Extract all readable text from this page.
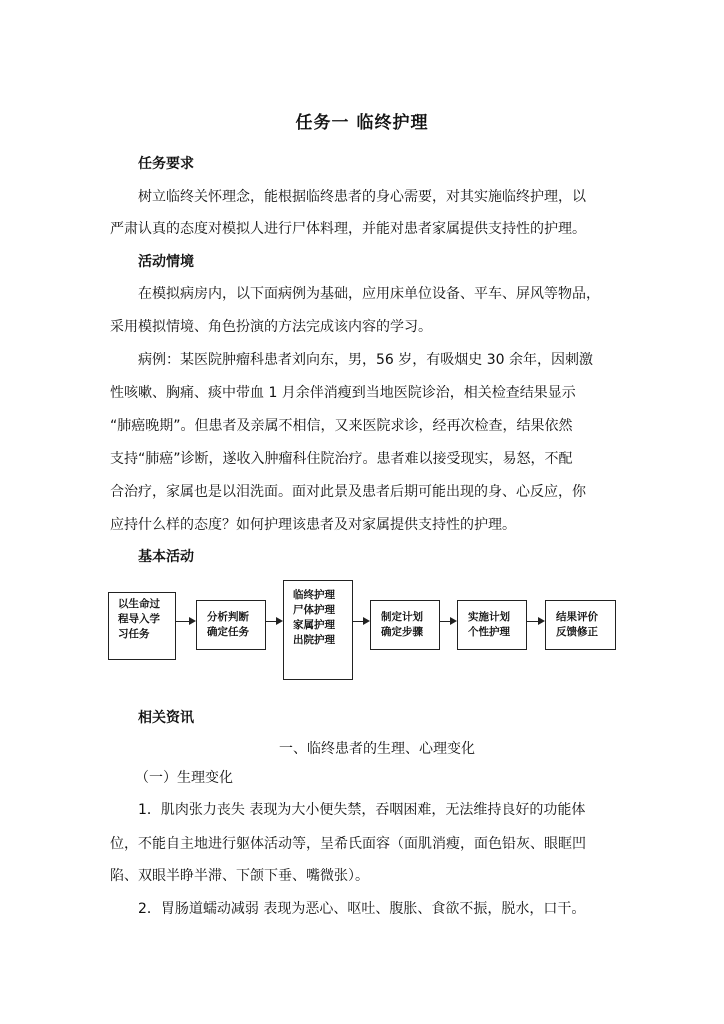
任务一 临终护理
任务要求
树立临终关怀理念，能根据临终患者的身心需要，对其实施临终护理，以
严肃认真的态度对模拟人进行尸体料理，并能对患者家属提供支持性的护理。
活动情境
在模拟病房内，以下面病例为基础，应用床单位设备、平车、屏风等物品，
采用模拟情境、角色扮演的方法完成该内容的学习。
病例：某医院肿瘤科患者刘向东，男，56 岁，有吸烟史 30 余年，因刺激
性咳嗽、胸痛、痰中带血 1 月余伴消瘦到当地医院诊治，相关检查结果显示
“肺癌晚期”。但患者及亲属不相信，又来医院求诊，经再次检查，结果依然
支持“肺癌”诊断，遂收入肿瘤科住院治疗。患者难以接受现实，易怒，不配
合治疗，家属也是以泪洗面。面对此景及患者后期可能出现的身、心反应，你
应持什么样的态度？如何护理该患者及对家属提供支持性的护理。
基本活动
以生命过
程导入学
习任务
分析判断
确定任务
临终护理
尸体护理
家属护理
出院护理
制定计划
确定步骤
实施计划
个性护理
结果评价
反馈修正
相关资讯
一、临终患者的生理、心理变化
（一）生理变化
1．肌肉张力丧失 表现为大小便失禁，吞咽困难，无法维持良好的功能体
位，不能自主地进行躯体活动等，呈希氏面容（面肌消瘦，面色铅灰、眼眶凹
陷、双眼半睁半滞、下颌下垂、嘴微张）。
2．胃肠道蠕动减弱 表现为恶心、呕吐、腹胀、食欲不振，脱水，口干。
